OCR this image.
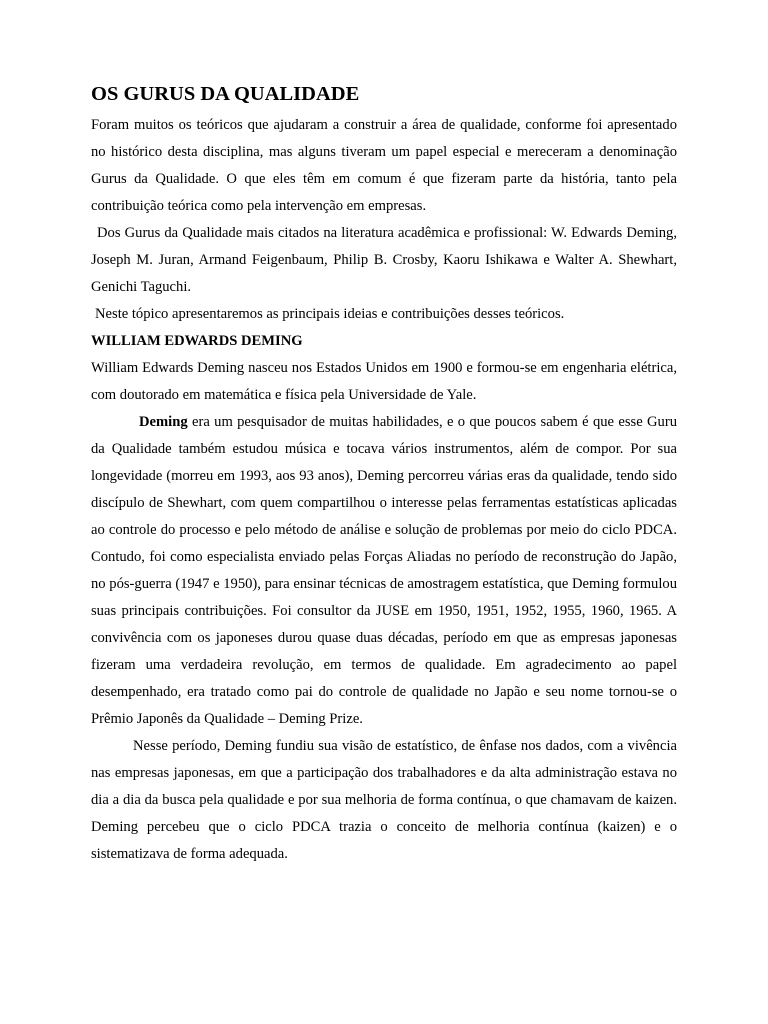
OS GURUS DA QUALIDADE

Foram muitos os teóricos que ajudaram a construir a área de qualidade, conforme foi apresentado no histórico desta disciplina, mas alguns tiveram um papel especial e mereceram a denominação Gurus da Qualidade. O que eles têm em comum é que fizeram parte da história, tanto pela contribuição teórica como pela intervenção em empresas.

Dos Gurus da Qualidade mais citados na literatura acadêmica e profissional: W. Edwards Deming, Joseph M. Juran, Armand Feigenbaum, Philip B. Crosby, Kaoru Ishikawa e Walter A. Shewhart, Genichi Taguchi.

Neste tópico apresentaremos as principais ideias e contribuições desses teóricos.

WILLIAM EDWARDS DEMING

William Edwards Deming nasceu nos Estados Unidos em 1900 e formou-se em engenharia elétrica, com doutorado em matemática e física pela Universidade de Yale.

Deming era um pesquisador de muitas habilidades, e o que poucos sabem é que esse Guru da Qualidade também estudou música e tocava vários instrumentos, além de compor. Por sua longevidade (morreu em 1993, aos 93 anos), Deming percorreu várias eras da qualidade, tendo sido discípulo de Shewhart, com quem compartilhou o interesse pelas ferramentas estatísticas aplicadas ao controle do processo e pelo método de análise e solução de problemas por meio do ciclo PDCA. Contudo, foi como especialista enviado pelas Forças Aliadas no período de reconstrução do Japão, no pós-guerra (1947 e 1950), para ensinar técnicas de amostragem estatística, que Deming formulou suas principais contribuições. Foi consultor da JUSE em 1950, 1951, 1952, 1955, 1960, 1965. A convivência com os japoneses durou quase duas décadas, período em que as empresas japonesas fizeram uma verdadeira revolução, em termos de qualidade. Em agradecimento ao papel desempenhado, era tratado como pai do controle de qualidade no Japão e seu nome tornou-se o Prêmio Japonês da Qualidade – Deming Prize.

Nesse período, Deming fundiu sua visão de estatístico, de ênfase nos dados, com a vivência nas empresas japonesas, em que a participação dos trabalhadores e da alta administração estava no dia a dia da busca pela qualidade e por sua melhoria de forma contínua, o que chamavam de kaizen. Deming percebeu que o ciclo PDCA trazia o conceito de melhoria contínua (kaizen) e o sistematizava de forma adequada.
